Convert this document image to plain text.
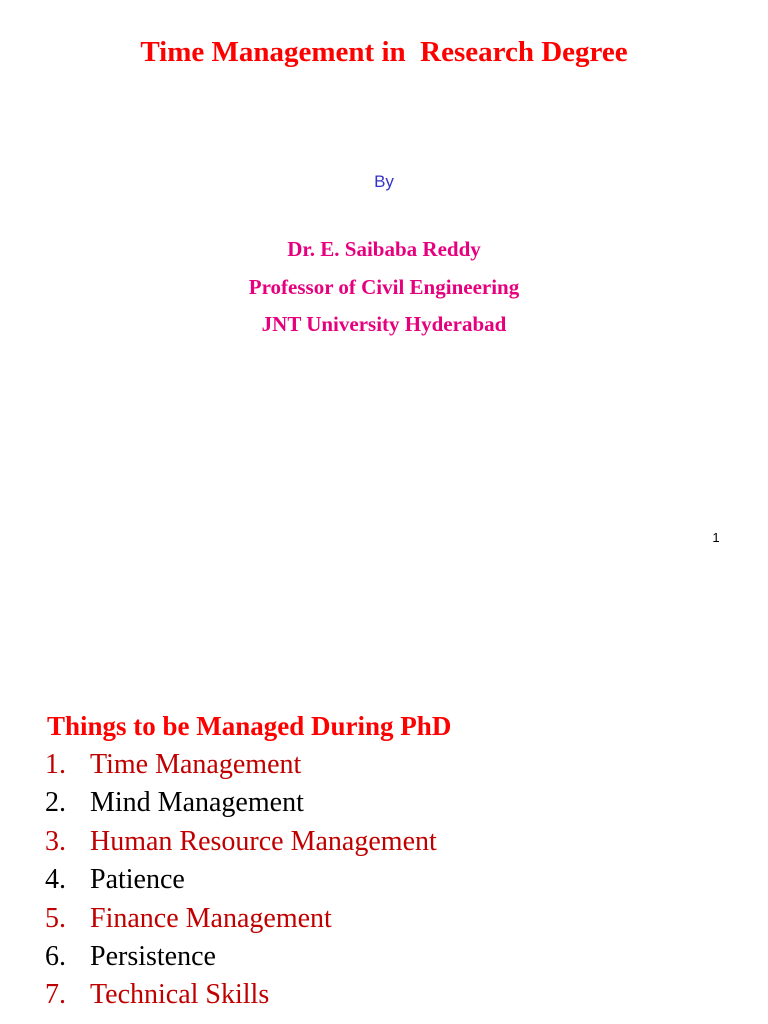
Time Management in  Research Degree
By
Dr. E. Saibaba Reddy
Professor of Civil Engineering
JNT University Hyderabad
1
Things to be Managed During PhD
1. Time Management
2. Mind Management
3. Human Resource Management
4. Patience
5. Finance Management
6. Persistence
7. Technical Skills
